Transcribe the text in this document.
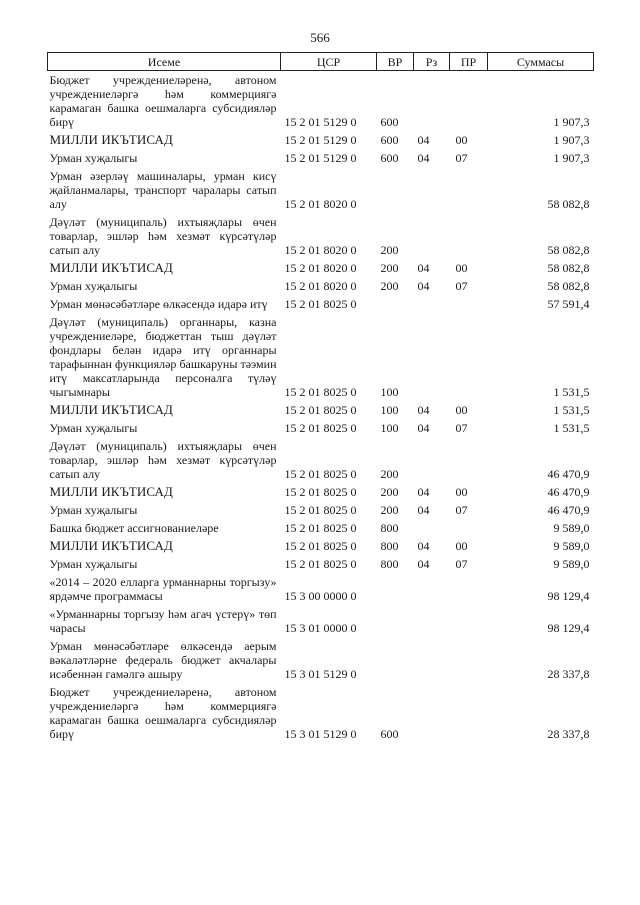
566
Исеме	ЦСР	ВР	Рз	ПР	Суммасы
Бюджет учреждениеләренә, автоном учреждениеләргә һәм коммерциягә карамаган башка оешмаларга субсидияләр бирү	15 2 01 5129 0	600			1 907,3
МИЛЛИ ИКЪТИСАД	15 2 01 5129 0	600	04	00	1 907,3
Урман хуҗалыгы	15 2 01 5129 0	600	04	07	1 907,3
Урман әзерләү машиналары, урман кисү җайланмалары, транспорт чаралары сатып алу	15 2 01 8020 0				58 082,8
Дәүләт (муниципаль) ихтыяҗлары өчен товарлар, эшләр һәм хезмәт күрсәтүләр сатып алу	15 2 01 8020 0	200			58 082,8
МИЛЛИ ИКЪТИСАД	15 2 01 8020 0	200	04	00	58 082,8
Урман хуҗалыгы	15 2 01 8020 0	200	04	07	58 082,8
Урман мөнәсәбәтләре өлкәсендә идарә итү	15 2 01 8025 0				57 591,4
Дәүләт (муниципаль) органнары, казна учреждениеләре, бюджеттан тыш дәүләт фондлары белән идарә итү органнары тарафыннан функцияләр башкаруны тәэмин итү максатларында персоналга түләү чыгымнары	15 2 01 8025 0	100			1 531,5
МИЛЛИ ИКЪТИСАД	15 2 01 8025 0	100	04	00	1 531,5
Урман хуҗалыгы	15 2 01 8025 0	100	04	07	1 531,5
Дәүләт (муниципаль) ихтыяҗлары өчен товарлар, эшләр һәм хезмәт күрсәтүләр сатып алу	15 2 01 8025 0	200			46 470,9
МИЛЛИ ИКЪТИСАД	15 2 01 8025 0	200	04	00	46 470,9
Урман хуҗалыгы	15 2 01 8025 0	200	04	07	46 470,9
Башка бюджет ассигнованиеләре	15 2 01 8025 0	800			9 589,0
МИЛЛИ ИКЪТИСАД	15 2 01 8025 0	800	04	00	9 589,0
Урман хуҗалыгы	15 2 01 8025 0	800	04	07	9 589,0
«2014 – 2020 елларга урманнарны торгызу» ярдәмче программасы	15 3 00 0000 0				98 129,4
«Урманнарны торгызу һәм агач үстерү» төп чарасы	15 3 01 0000 0				98 129,4
Урман мөнәсәбәтләре өлкәсендә аерым вәкаләтләрне федераль бюджет акчалары исәбеннән гамәлгә ашыру	15 3 01 5129 0				28 337,8
Бюджет учреждениеләренә, автоном учреждениеләргә һәм коммерциягә карамаган башка оешмаларга субсидияләр бирү	15 3 01 5129 0	600			28 337,8
